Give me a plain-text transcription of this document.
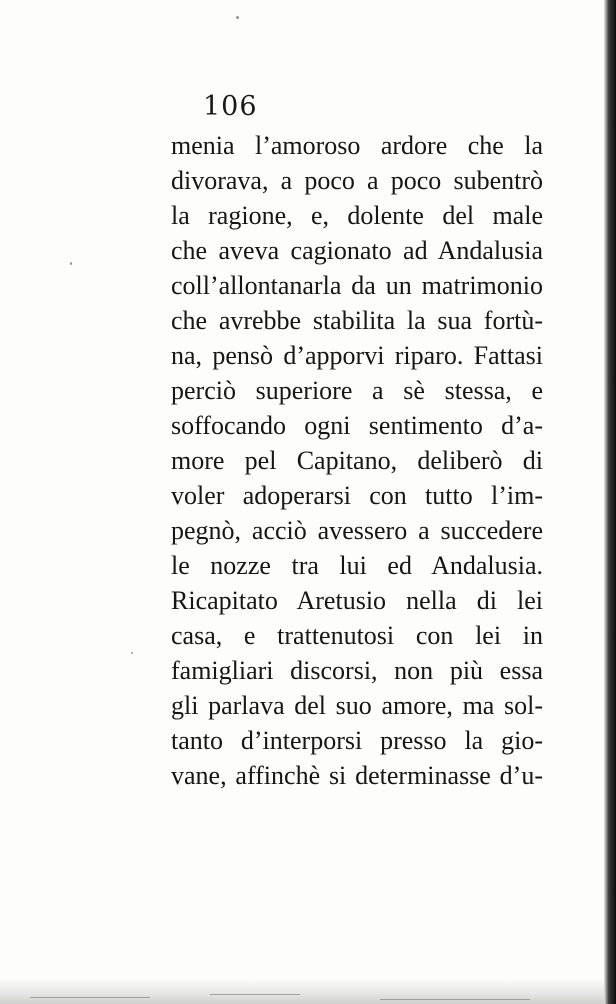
106
menia l’amoroso ardore che la
divorava, a poco a poco subentrò
la ragione, e, dolente del male
che aveva cagionato ad Andalusia
coll’allontanarla da un matrimonio
che avrebbe stabilita la sua fortù-
na, pensò d’apporvi riparo. Fattasi
perciò superiore a sè stessa, e
soffocando ogni sentimento d’a-
more pel Capitano, deliberò di
voler adoperarsi con tutto l’im-
pegnò, acciò avessero a succedere
le nozze tra lui ed Andalusia.
Ricapitato Aretusio nella di lei
casa, e trattenutosi con lei in
famigliari discorsi, non più essa
gli parlava del suo amore, ma sol-
tanto d’interporsi presso la gio-
vane, affinchè si determinasse d’u-
